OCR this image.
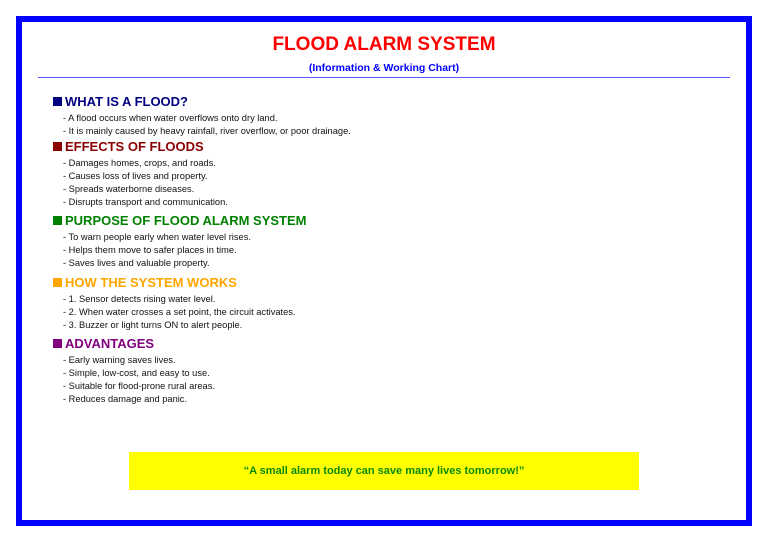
FLOOD ALARM SYSTEM
(Information & Working Chart)
WHAT IS A FLOOD?
- A flood occurs when water overflows onto dry land.
- It is mainly caused by heavy rainfall, river overflow, or poor drainage.
EFFECTS OF FLOODS
- Damages homes, crops, and roads.
- Causes loss of lives and property.
- Spreads waterborne diseases.
- Disrupts transport and communication.
PURPOSE OF FLOOD ALARM SYSTEM
- To warn people early when water level rises.
- Helps them move to safer places in time.
- Saves lives and valuable property.
HOW THE SYSTEM WORKS
- 1. Sensor detects rising water level.
- 2. When water crosses a set point, the circuit activates.
- 3. Buzzer or light turns ON to alert people.
ADVANTAGES
- Early warning saves lives.
- Simple, low-cost, and easy to use.
- Suitable for flood-prone rural areas.
- Reduces damage and panic.
“A small alarm today can save many lives tomorrow!”
